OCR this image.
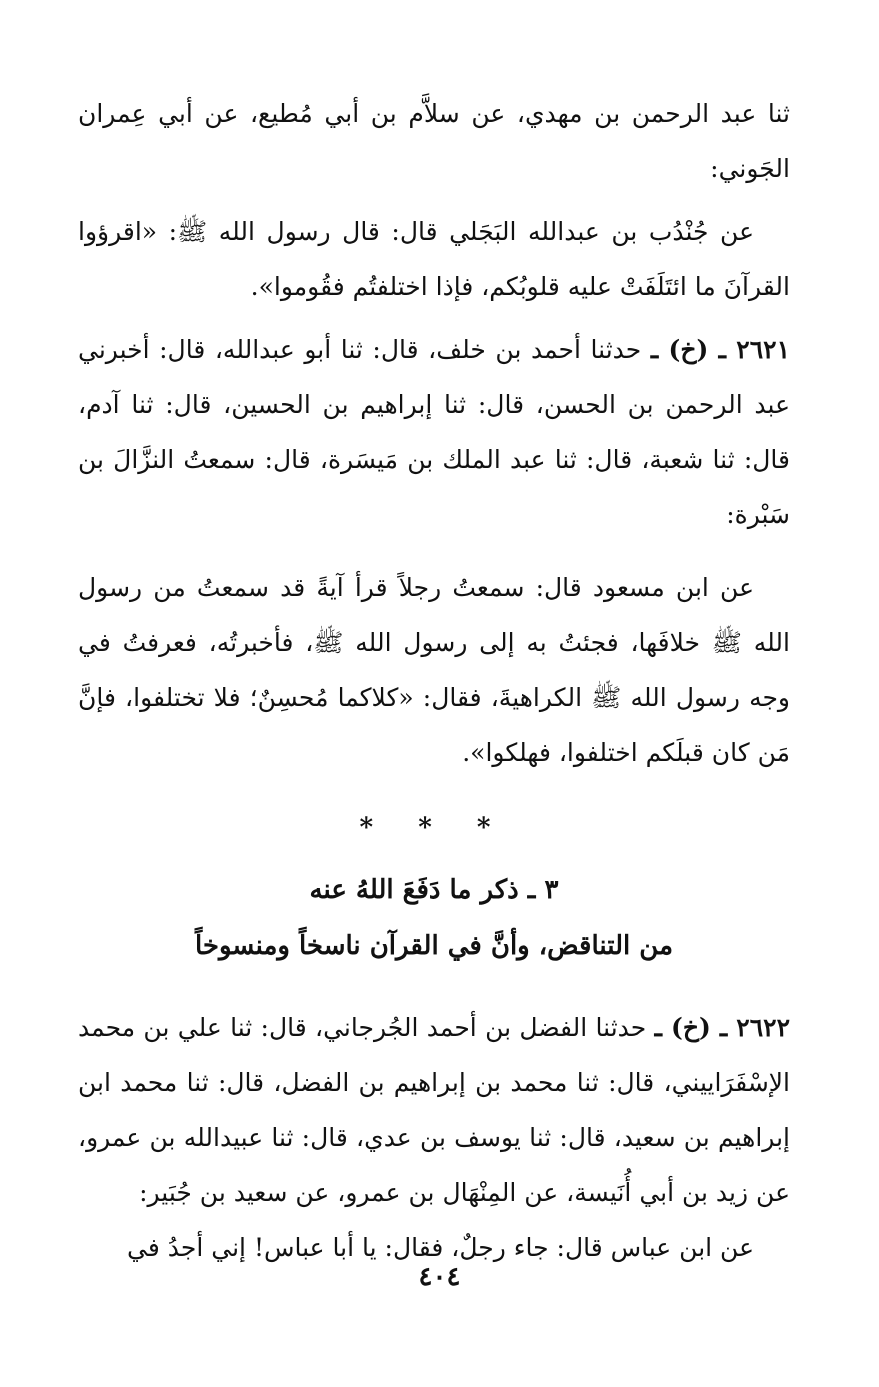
ثنا عبد الرحمن بن مهدي، عن سلاَّم بن أبي مُطيع، عن أبي عِمران الجَوني:

عن جُنْدُب بن عبدالله البَجَلي قال: قال رسول الله ﷺ: «اقرؤوا القرآنَ ما ائتَلَفَتْ عليه قلوبُكم، فإذا اختلفتُم فقُوموا».

٢٦٢١ ـ (خ) ـ حدثنا أحمد بن خلف، قال: ثنا أبو عبدالله، قال: أخبرني عبد الرحمن بن الحسن، قال: ثنا إبراهيم بن الحسين، قال: ثنا آدم، قال: ثنا شعبة، قال: ثنا عبد الملك بن مَيسَرة، قال: سمعتُ النزَّالَ بن سَبْرة:

عن ابن مسعود قال: سمعتُ رجلاً قرأ آيةً قد سمعتُ من رسول الله ﷺ خلافَها، فجئتُ به إلى رسول الله ﷺ، فأخبرتُه، فعرفتُ في وجه رسول الله ﷺ الكراهيةَ، فقال: «كلاكما مُحسِنٌ؛ فلا تختلفوا، فإنَّ مَن كان قبلَكم اختلفوا، فهلكوا».

* * *
٣ ـ ذكر ما دَفَعَ اللهُ عنه
من التناقض، وأنَّ في القرآن ناسخاً ومنسوخاً

٢٦٢٢ ـ (خ) ـ حدثنا الفضل بن أحمد الجُرجاني، قال: ثنا علي بن محمد الإسْفَرَاييني، قال: ثنا محمد بن إبراهيم بن الفضل، قال: ثنا محمد ابن إبراهيم بن سعيد، قال: ثنا يوسف بن عدي، قال: ثنا عبيدالله بن عمرو، عن زيد بن أبي أُنَيسة، عن المِنْهَال بن عمرو، عن سعيد بن جُبَير:

عن ابن عباس قال: جاء رجلٌ، فقال: يا أبا عباس! إني أجدُ في

٤٠٤
